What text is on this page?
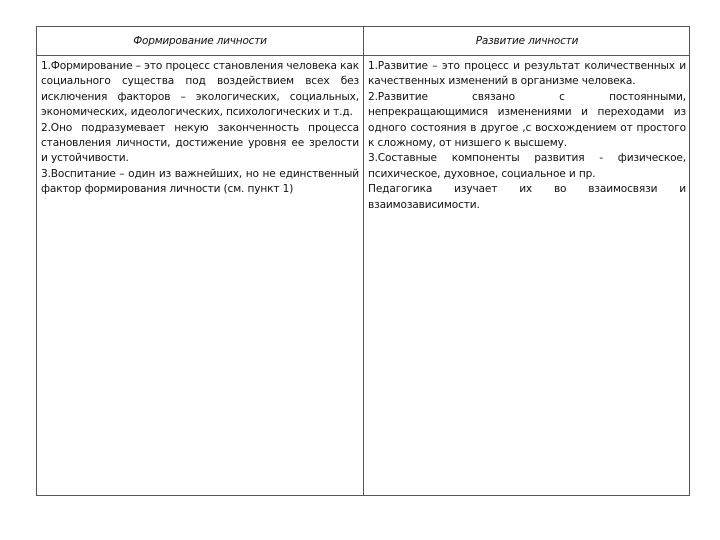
Формирование личности	Развитие личности

1.Формирование – это процесс становления человека как социального существа под воздействием всех без исключения факторов – экологических, социальных, экономических, идеологических, психологических и т.д.

2.Оно подразумевает некую законченность процесса становления личности, достижение уровня ее зрелости и устойчивости.

3.Воспитание – один из важнейших, но не единственный фактор формирования личности (см. пункт 1)

1.Развитие – это процесс и результат количественных и качественных изменений в организме человека.

2.Развитие связано с постоянными, непрекращающимися изменениями и переходами из одного состояния в другое ,с восхождением от простого к сложному, от низшего к высшему.

3.Составные компоненты развития - физическое, психическое, духовное, социальное и пр.

Педагогика изучает их во взаимосвязи и взаимозависимости.
